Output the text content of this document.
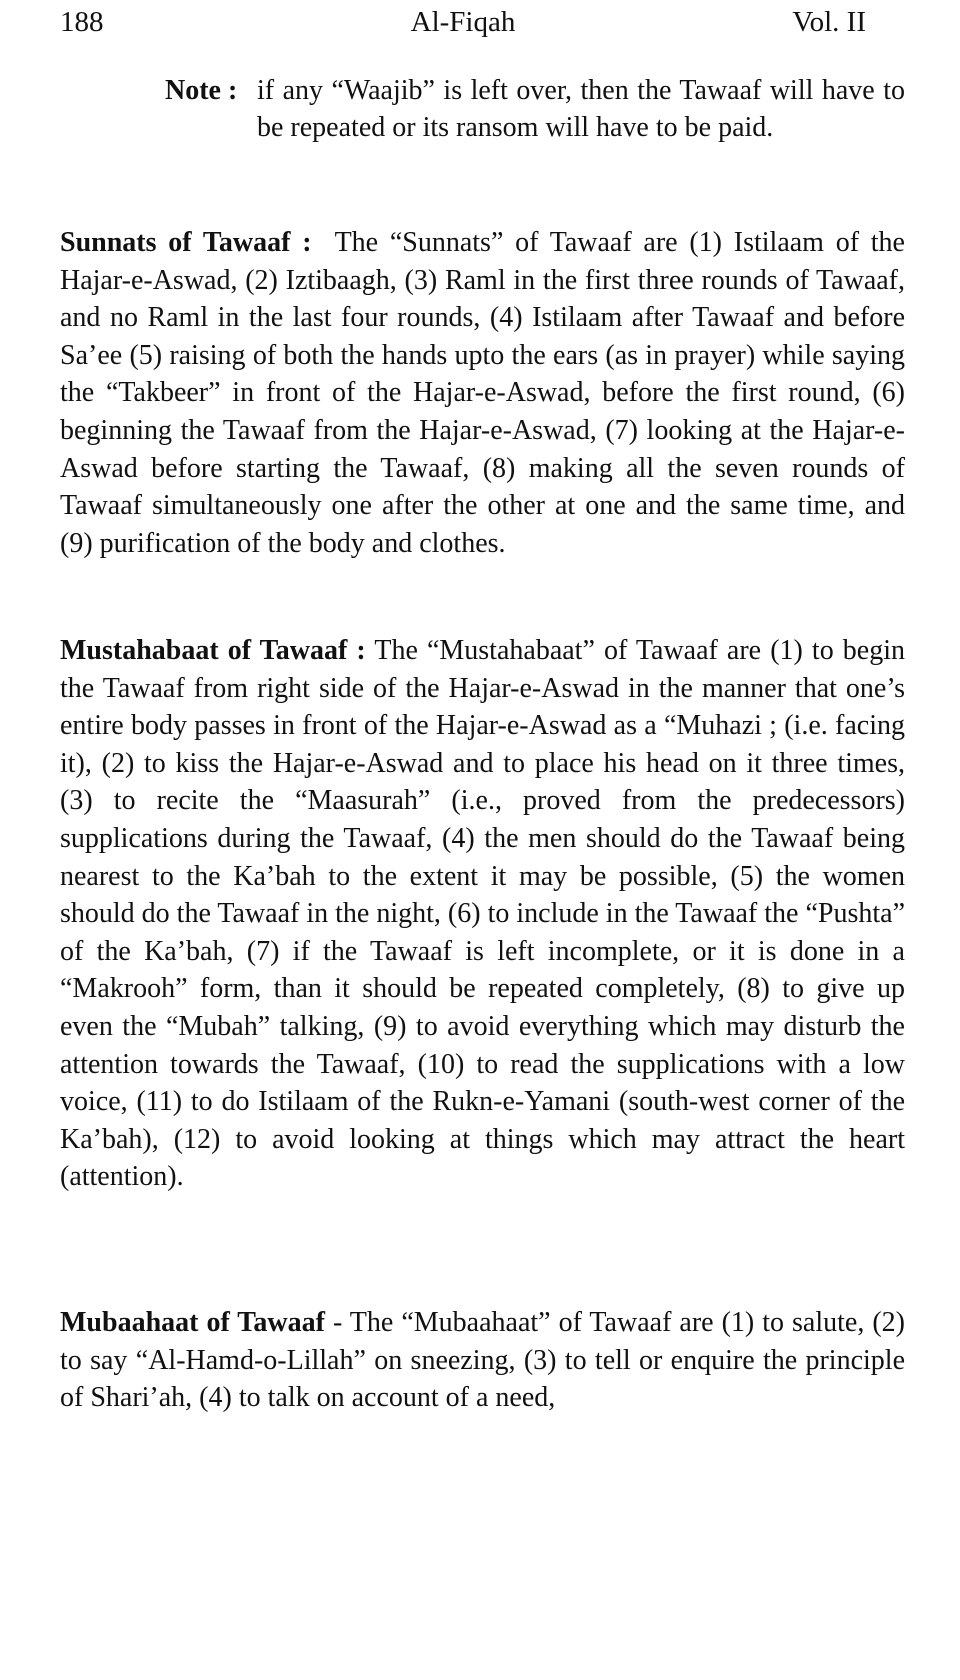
188	Al-Fiqah	Vol. II
Note : if any “Waajib” is left over, then the Tawaaf will have to be repeated or its ransom will have to be paid.

Sunnats of Tawaaf : The “Sunnats” of Tawaaf are (1) Istilaam of the Hajar-e-Aswad, (2) Iztibaagh, (3) Raml in the first three rounds of Tawaaf, and no Raml in the last four rounds, (4) Istilaam after Tawaaf and before Sa’ee (5) raising of both the hands upto the ears (as in prayer) while saying the “Takbeer” in front of the Hajar-e-Aswad, before the first round, (6) beginning the Tawaaf from the Hajar-e-Aswad, (7) looking at the Hajar-e-Aswad before starting the Tawaaf, (8) making all the seven rounds of Tawaaf simultaneously one after the other at one and the same time, and (9) purification of the body and clothes.

Mustahabaat of Tawaaf : The “Mustahabaat” of Tawaaf are (1) to begin the Tawaaf from right side of the Hajar-e-Aswad in the manner that one’s entire body passes in front of the Hajar-e-Aswad as a “Muhazi ; (i.e. facing it), (2) to kiss the Hajar-e-Aswad and to place his head on it three times, (3) to recite the “Maasurah” (i.e., proved from the predecessors) supplications during the Tawaaf, (4) the men should do the Tawaaf being nearest to the Ka’bah to the extent it may be possible, (5) the women should do the Tawaaf in the night, (6) to include in the Tawaaf the “Pushta” of the Ka’bah, (7) if the Tawaaf is left incomplete, or it is done in a “Makrooh” form, than it should be repeated completely, (8) to give up even the “Mubah” talking, (9) to avoid everything which may disturb the attention towards the Tawaaf, (10) to read the supplications with a low voice, (11) to do Istilaam of the Rukn-e-Yamani (south-west corner of the Ka’bah), (12) to avoid looking at things which may attract the heart (attention).

Mubaahaat of Tawaaf - The “Mubaahaat” of Tawaaf are (1) to salute, (2) to say “Al-Hamd-o-Lillah” on sneezing, (3) to tell or enquire the principle of Shari’ah, (4) to talk on account of a need,
